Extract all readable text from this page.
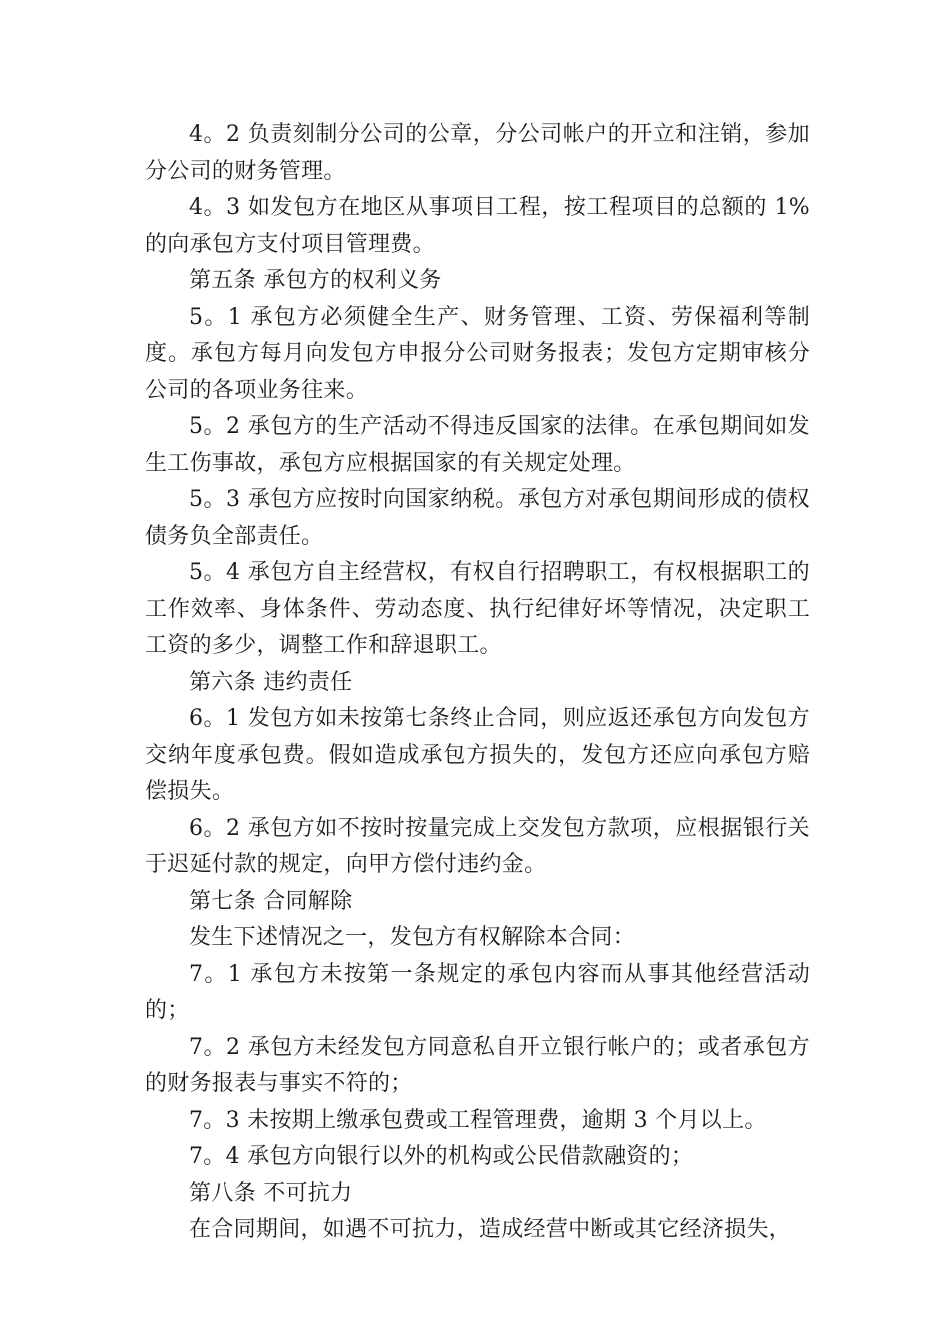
4。2 负责刻制分公司的公章，分公司帐户的开立和注销，参加分公司的财务管理。

4。3 如发包方在地区从事项目工程，按工程项目的总额的 1%的向承包方支付项目管理费。

第五条 承包方的权利义务

5。1 承包方必须健全生产、财务管理、工资、劳保福利等制度。承包方每月向发包方申报分公司财务报表；发包方定期审核分公司的各项业务往来。

5。2 承包方的生产活动不得违反国家的法律。在承包期间如发生工伤事故，承包方应根据国家的有关规定处理。

5。3 承包方应按时向国家纳税。承包方对承包期间形成的债权债务负全部责任。

5。4 承包方自主经营权，有权自行招聘职工，有权根据职工的工作效率、身体条件、劳动态度、执行纪律好坏等情况，决定职工工资的多少，调整工作和辞退职工。

第六条 违约责任

6。1 发包方如未按第七条终止合同，则应返还承包方向发包方交纳年度承包费。假如造成承包方损失的，发包方还应向承包方赔偿损失。

6。2 承包方如不按时按量完成上交发包方款项，应根据银行关于迟延付款的规定，向甲方偿付违约金。

第七条 合同解除

发生下述情况之一，发包方有权解除本合同：

7。1 承包方未按第一条规定的承包内容而从事其他经营活动的；

7。2 承包方未经发包方同意私自开立银行帐户的；或者承包方的财务报表与事实不符的；

7。3 未按期上缴承包费或工程管理费，逾期 3 个月以上。

7。4 承包方向银行以外的机构或公民借款融资的；

第八条 不可抗力

在合同期间，如遇不可抗力，造成经营中断或其它经济损失，
